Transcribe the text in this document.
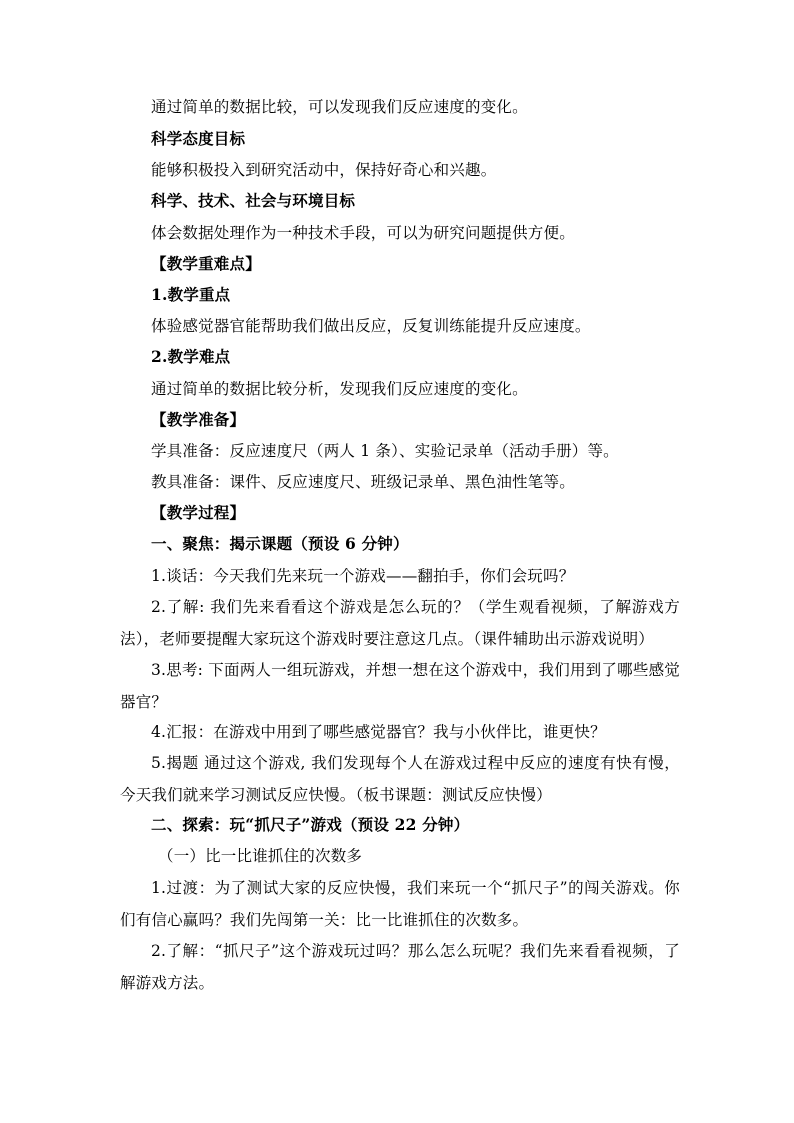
通过简单的数据比较，可以发现我们反应速度的变化。
科学态度目标
能够积极投入到研究活动中，保持好奇心和兴趣。
科学、技术、社会与环境目标
体会数据处理作为一种技术手段，可以为研究问题提供方便。
【教学重难点】
1.教学重点
体验感觉器官能帮助我们做出反应，反复训练能提升反应速度。
2.教学难点
通过简单的数据比较分析，发现我们反应速度的变化。
【教学准备】
学具准备：反应速度尺（两人 1 条）、实验记录单（活动手册）等。
教具准备：课件、反应速度尺、班级记录单、黑色油性笔等。
【教学过程】
一、聚焦：揭示课题（预设 6 分钟）
1.谈话：今天我们先来玩一个游戏——翻拍手，你们会玩吗？
2.了解: 我们先来看看这个游戏是怎么玩的？（学生观看视频，了解游戏方法），老师要提醒大家玩这个游戏时要注意这几点。（课件辅助出示游戏说明）
3.思考: 下面两人一组玩游戏，并想一想在这个游戏中，我们用到了哪些感觉器官？
4.汇报：在游戏中用到了哪些感觉器官？我与小伙伴比，谁更快？
5.揭题 通过这个游戏, 我们发现每个人在游戏过程中反应的速度有快有慢，今天我们就来学习测试反应快慢。（板书课题：测试反应快慢）
二、探索：玩“抓尺子”游戏（预设 22 分钟）
（一）比一比谁抓住的次数多
1.过渡：为了测试大家的反应快慢，我们来玩一个“抓尺子”的闯关游戏。你们有信心赢吗？我们先闯第一关：比一比谁抓住的次数多。
2.了解：“抓尺子”这个游戏玩过吗？那么怎么玩呢？我们先来看看视频，了解游戏方法。
